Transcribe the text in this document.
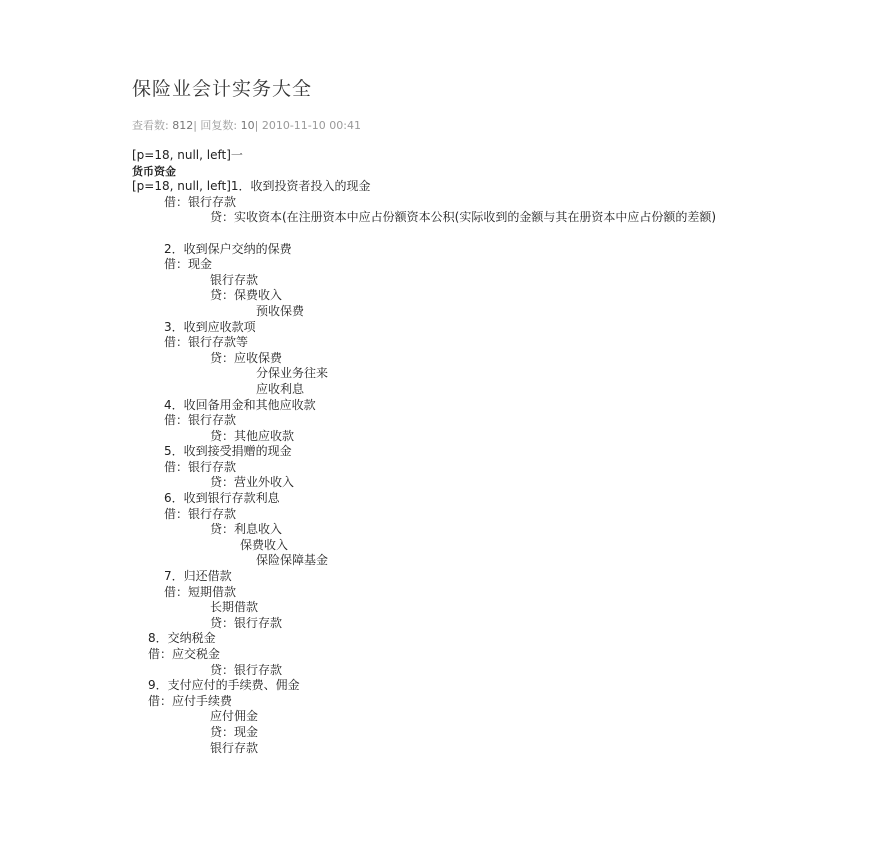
保险业会计实务大全
查看数: 812| 回复数: 10| 2010-11-10 00:41
[p=18, null, left]一
货币资金
[p=18, null, left]1．收到投资者投入的现金
借：银行存款
贷：实收资本(在注册资本中应占份额资本公积(实际收到的金额与其在册资本中应占份额的差额)
2．收到保户交纳的保费
借：现金
银行存款
贷：保费收入
预收保费
3．收到应收款项
借：银行存款等
贷：应收保费
分保业务往来
应收利息
4．收回备用金和其他应收款
借：银行存款
贷：其他应收款
5．收到接受捐赠的现金
借：银行存款
贷：营业外收入
6．收到银行存款利息
借：银行存款
贷：利息收入
保费收入
保险保障基金
7．归还借款
借：短期借款
长期借款
贷：银行存款
8．交纳税金
借：应交税金
贷：银行存款
9．支付应付的手续费、佣金
借：应付手续费
应付佣金
贷：现金
银行存款
